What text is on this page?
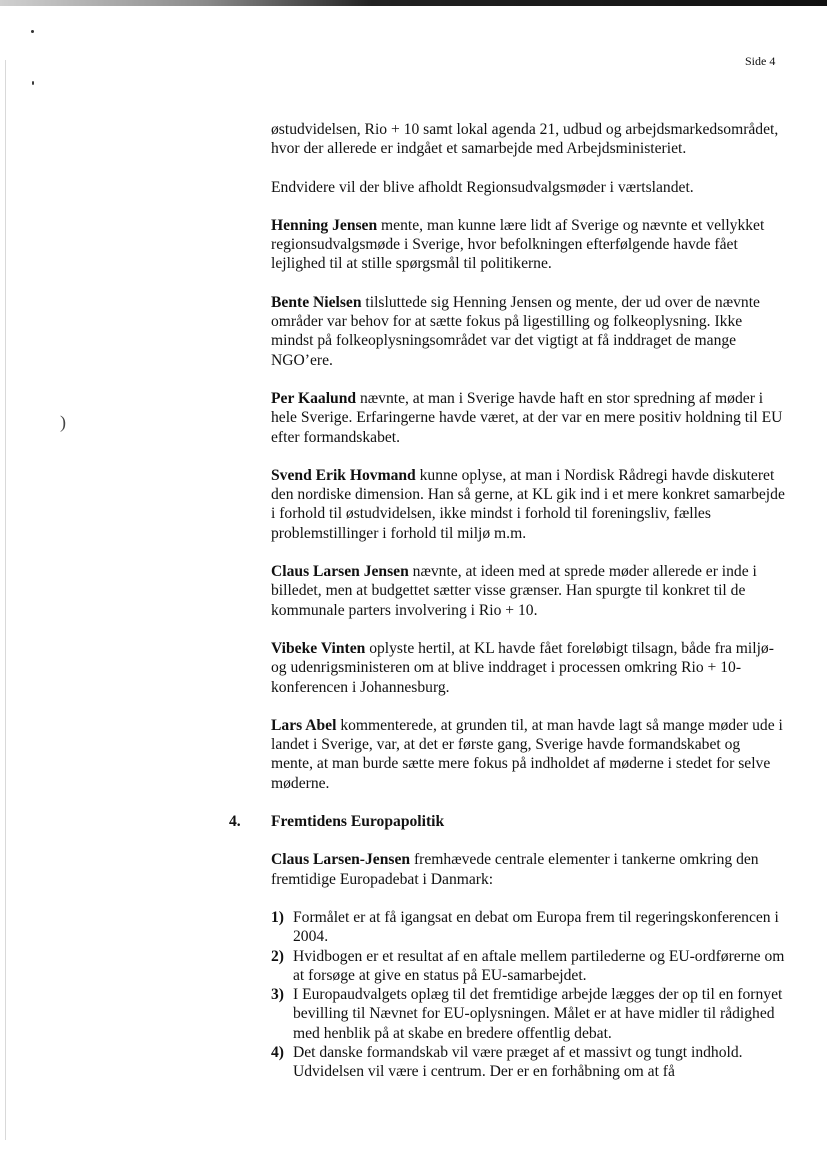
)
Side 4

østudvidelsen, Rio + 10 samt lokal agenda 21, udbud og arbejdsmarkedsområdet, hvor der allerede er indgået et samarbejde med Arbejdsministeriet.

Endvidere vil der blive afholdt Regionsudvalgsmøder i værtslandet.

Henning Jensen mente, man kunne lære lidt af Sverige og nævnte et vellykket regionsudvalgsmøde i Sverige, hvor befolkningen efterfølgende havde fået lejlighed til at stille spørgsmål til politikerne.

Bente Nielsen tilsluttede sig Henning Jensen og mente, der ud over de nævnte områder var behov for at sætte fokus på ligestilling og folkeoplysning. Ikke mindst på folkeoplysningsområdet var det vigtigt at få inddraget de mange NGO’ere.

Per Kaalund nævnte, at man i Sverige havde haft en stor spredning af møder i hele Sverige. Erfaringerne havde været, at der var en mere positiv holdning til EU efter formandskabet.

Svend Erik Hovmand kunne oplyse, at man i Nordisk Rådregi havde diskuteret den nordiske dimension. Han så gerne, at KL gik ind i et mere konkret samarbejde i forhold til østudvidelsen, ikke mindst i forhold til foreningsliv, fælles problemstillinger i forhold til miljø m.m.

Claus Larsen Jensen nævnte, at ideen med at sprede møder allerede er inde i billedet, men at budgettet sætter visse grænser. Han spurgte til konkret til de kommunale parters involvering i Rio + 10.

Vibeke Vinten oplyste hertil, at KL havde fået foreløbigt tilsagn, både fra miljø- og udenrigsministeren om at blive inddraget i processen omkring Rio + 10-konferencen i Johannesburg.

Lars Abel kommenterede, at grunden til, at man havde lagt så mange møder ude i landet i Sverige, var, at det er første gang, Sverige havde formandskabet og mente, at man burde sætte mere fokus på indholdet af møderne i stedet for selve møderne.

4. Fremtidens Europapolitik

Claus Larsen-Jensen fremhævede centrale elementer i tankerne omkring den fremtidige Europadebat i Danmark:

1) Formålet er at få igangsat en debat om Europa frem til regeringskonferencen i 2004.
2) Hvidbogen er et resultat af en aftale mellem partilederne og EU-ordførerne om at forsøge at give en status på EU-samarbejdet.
3) I Europaudvalgets oplæg til det fremtidige arbejde lægges der op til en fornyet bevilling til Nævnet for EU-oplysningen. Målet er at have midler til rådighed med henblik på at skabe en bredere offentlig debat.
4) Det danske formandskab vil være præget af et massivt og tungt indhold. Udvidelsen vil være i centrum. Der er en forhåbning om at få
